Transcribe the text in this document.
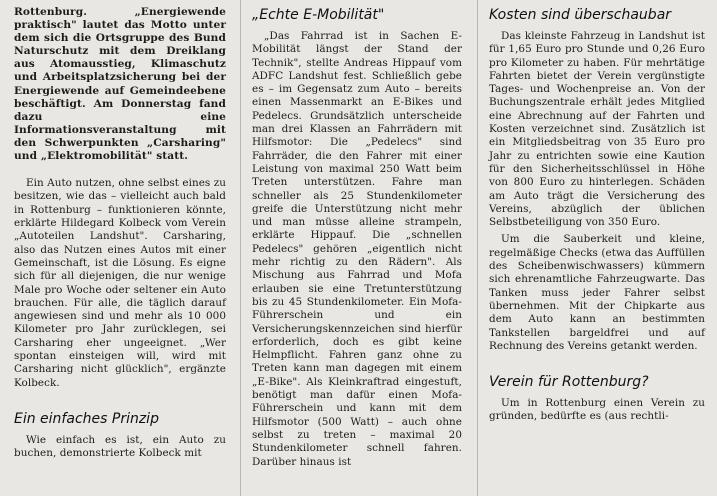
Rottenburg. „Energiewende praktisch" lautet das Motto unter dem sich die Ortsgruppe des Bund Naturschutz mit dem Dreiklang aus Atomausstieg, Klimaschutz und Arbeitsplatzsicherung bei der Energiewende auf Gemeindeebene beschäftigt. Am Donnerstag fand dazu eine Informationsveranstaltung mit den Schwerpunkten „Carsharing" und „Elektromobilität" statt.

Ein Auto nutzen, ohne selbst eines zu besitzen, wie das – vielleicht auch bald in Rottenburg – funktionieren könnte, erklärte Hildegard Kolbeck vom Verein „Autoteilen Landshut". Carsharing, also das Nutzen eines Autos mit einer Gemeinschaft, ist die Lösung. Es eigne sich für all diejenigen, die nur wenige Male pro Woche oder seltener ein Auto brauchen. Für alle, die täglich darauf angewiesen sind und mehr als 10 000 Kilometer pro Jahr zurücklegen, sei Carsharing eher ungeeignet. „Wer spontan einsteigen will, wird mit Carsharing nicht glücklich", ergänzte Kolbeck.

Ein einfaches Prinzip

Wie einfach es ist, ein Auto zu buchen, demonstrierte Kolbeck mit

„Echte E-Mobilität"

„Das Fahrrad ist in Sachen E-Mobilität längst der Stand der Technik", stellte Andreas Hippauf vom ADFC Landshut fest. Schließlich gebe es – im Gegensatz zum Auto – bereits einen Massenmarkt an E-Bikes und Pedelecs. Grundsätzlich unterscheide man drei Klassen an Fahrrädern mit Hilfsmotor: Die „Pedelecs" sind Fahrräder, die den Fahrer mit einer Leistung von maximal 250 Watt beim Treten unterstützen. Fahre man schneller als 25 Stundenkilometer greife die Unterstützung nicht mehr und man müsse alleine strampeln, erklärte Hippauf. Die „schnellen Pedelecs" gehören „eigentlich nicht mehr richtig zu den Rädern". Als Mischung aus Fahrrad und Mofa erlauben sie eine Tretunterstützung bis zu 45 Stundenkilometer. Ein Mofa-Führerschein und ein Versicherungskennzeichen sind hierfür erforderlich, doch es gibt keine Helmpflicht. Fahren ganz ohne zu Treten kann man dagegen mit einem „E-Bike". Als Kleinkraftrad eingestuft, benötigt man dafür einen Mofa-Führerschein und kann mit dem Hilfsmotor (500 Watt) – auch ohne selbst zu treten – maximal 20 Stundenkilometer schnell fahren. Darüber hinaus ist

Kosten sind überschaubar

Das kleinste Fahrzeug in Landshut ist für 1,65 Euro pro Stunde und 0,26 Euro pro Kilometer zu haben. Für mehrtätige Fahrten bietet der Verein vergünstigte Tages- und Wochenpreise an. Von der Buchungszentrale erhält jedes Mitglied eine Abrechnung auf der Fahrten und Kosten verzeichnet sind. Zusätzlich ist ein Mitgliedsbeitrag von 35 Euro pro Jahr zu entrichten sowie eine Kaution für den Sicherheitsschlüssel in Höhe von 800 Euro zu hinterlegen. Schäden am Auto trägt die Versicherung des Vereins, abzüglich der üblichen Selbstbeteiligung von 350 Euro.

Um die Sauberkeit und kleine, regelmäßige Checks (etwa das Auffüllen des Scheibenwischwassers) kümmern sich ehrenamtliche Fahrzeugwarte. Das Tanken muss jeder Fahrer selbst übernehmen. Mit der Chipkarte aus dem Auto kann an bestimmten Tankstellen bargeldfrei und auf Rechnung des Vereins getankt werden.

Verein für Rottenburg?

Um in Rottenburg einen Verein zu gründen, bedürfte es (aus rechtli-
